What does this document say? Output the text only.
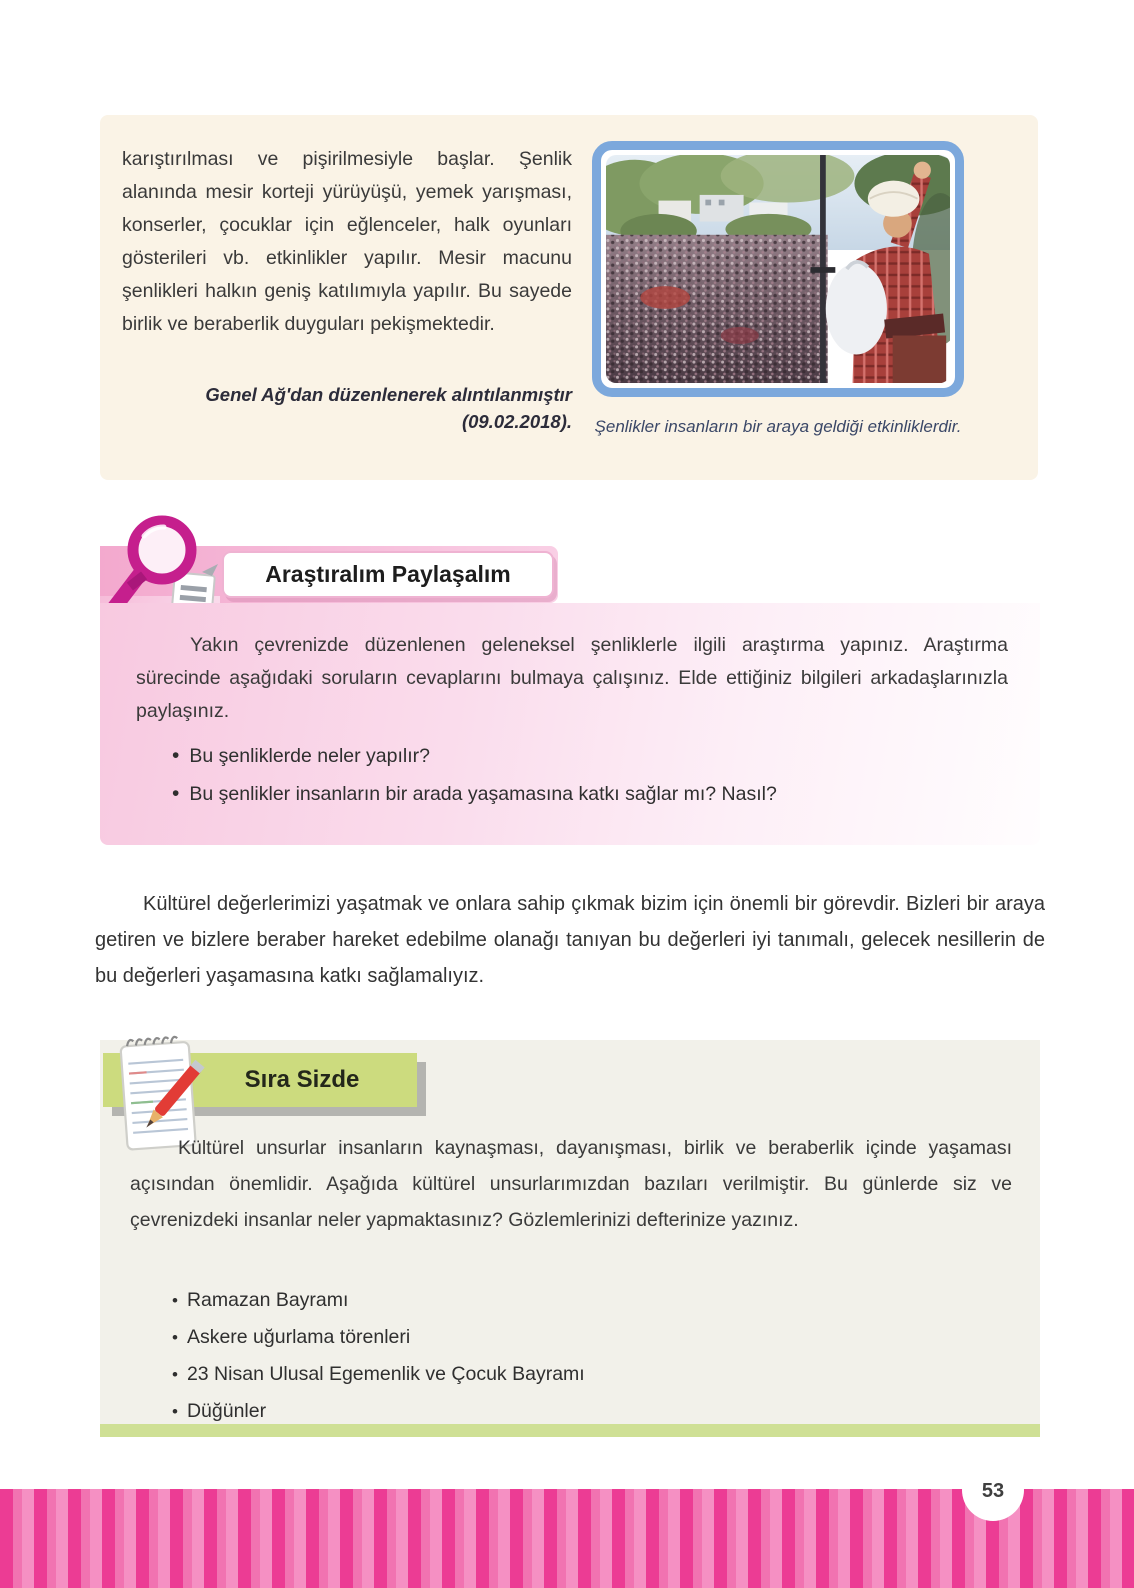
karıştırılması ve pişirilmesiyle başlar. Şenlik alanında mesir korteji yürüyüşü, yemek yarışması, konserler, çocuklar için eğlenceler, halk oyunları gösterileri vb. etkinlikler yapılır. Mesir macunu şenlikleri halkın geniş katılımıyla yapılır. Bu sayede birlik ve beraberlik duyguları pekişmektedir.
Genel Ağ'dan düzenlenerek alıntılanmıştır
(09.02.2018).	Şenlikler insanların bir araya geldiği etkinliklerdir.
Araştıralım Paylaşalım
Yakın çevrenizde düzenlenen geleneksel şenliklerle ilgili araştırma yapınız. Araştırma sürecinde aşağıdaki soruların cevaplarını bulmaya çalışınız. Elde ettiğiniz bilgileri arkadaşlarınızla paylaşınız.
• Bu şenliklerde neler yapılır?
• Bu şenlikler insanların bir arada yaşamasına katkı sağlar mı? Nasıl?
Kültürel değerlerimizi yaşatmak ve onlara sahip çıkmak bizim için önemli bir görevdir. Bizleri bir araya getiren ve bizlere beraber hareket edebilme olanağı tanıyan bu değerleri iyi tanımalı, gelecek nesillerin de bu değerleri yaşamasına katkı sağlamalıyız.
Sıra Sizde
Kültürel unsurlar insanların kaynaşması, dayanışması, birlik ve beraberlik içinde yaşaması açısından önemlidir. Aşağıda kültürel unsurlarımızdan bazıları verilmiştir. Bu günlerde siz ve çevrenizdeki insanlar neler yapmaktasınız? Gözlemlerinizi defterinize yazınız.
• Ramazan Bayramı
• Askere uğurlama törenleri
• 23 Nisan Ulusal Egemenlik ve Çocuk Bayramı
• Düğünler
53
